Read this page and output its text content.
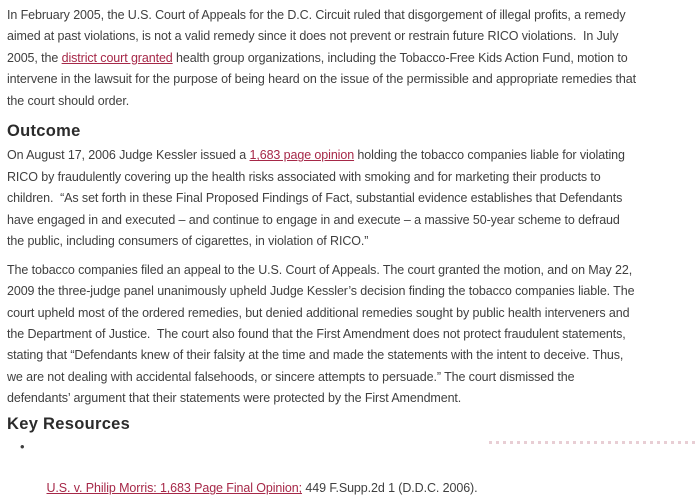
In February 2005, the U.S. Court of Appeals for the D.C. Circuit ruled that disgorgement of illegal profits, a remedy
aimed at past violations, is not a valid remedy since it does not prevent or restrain future RICO violations.  In July
2005, the district court granted health group organizations, including the Tobacco-Free Kids Action Fund, motion to
intervene in the lawsuit for the purpose of being heard on the issue of the permissible and appropriate remedies that
the court should order.
Outcome
On August 17, 2006 Judge Kessler issued a 1,683 page opinion holding the tobacco companies liable for violating
RICO by fraudulently covering up the health risks associated with smoking and for marketing their products to
children.  “As set forth in these Final Proposed Findings of Fact, substantial evidence establishes that Defendants
have engaged in and executed – and continue to engage in and execute – a massive 50-year scheme to defraud
the public, including consumers of cigarettes, in violation of RICO.”
The tobacco companies filed an appeal to the U.S. Court of Appeals. The court granted the motion, and on May 22,
2009 the three-judge panel unanimously upheld Judge Kessler’s decision finding the tobacco companies liable. The
court upheld most of the ordered remedies, but denied additional remedies sought by public health interveners and
the Department of Justice.  The court also found that the First Amendment does not protect fraudulent statements,
stating that “Defendants knew of their falsity at the time and made the statements with the intent to deceive. Thus,
we are not dealing with accidental falsehoods, or sincere attempts to persuade.” The court dismissed the
defendants’ argument that their statements were protected by the First Amendment.
Key Resources

•

U.S. v. Philip Morris: 1,683 Page Final Opinion; 449 F.Supp.2d 1 (D.D.C. 2006).
